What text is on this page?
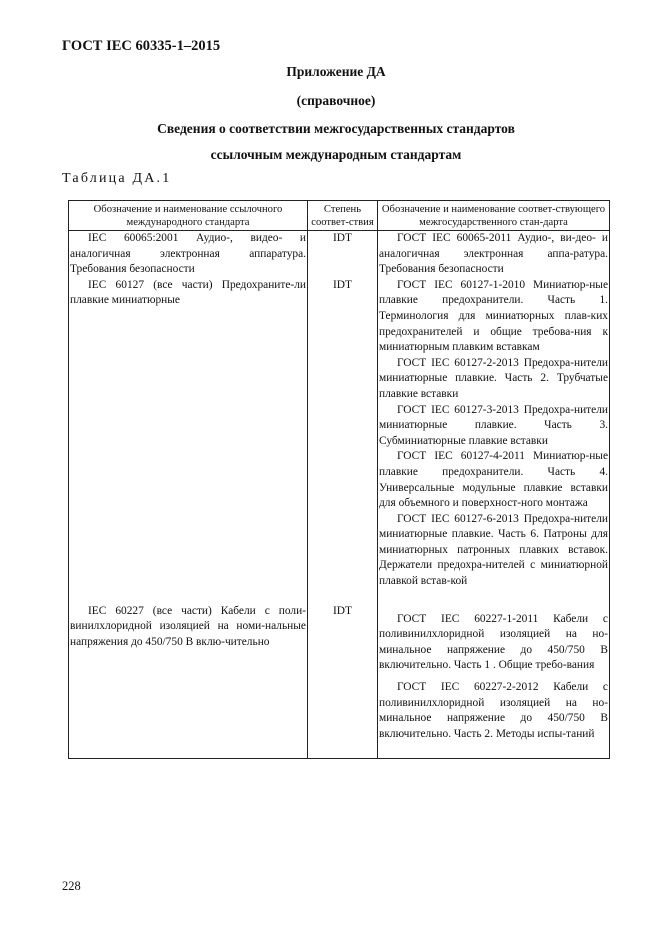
ГОСТ IEC 60335-1–2015
Приложение ДА
(справочное)
Сведения о соответствии межгосударственных стандартов
ссылочным международным стандартам
Таблица ДА.1
Обозначение и наименование ссылочного международного стандарта	Степень соответ-ствия	Обозначение и наименование соответ-ствующего межгосударственного стан-дарта

IEC 60065:2001 Аудио-, видео- и аналогичная электронная аппаратура. Требования безопасности	IDT	ГОСТ IEC 60065-2011 Аудио-, ви-део- и аналогичная электронная аппа-ратура. Требования безопасности

IEC 60127 (все части) Предохраните-ли плавкие миниатюрные	IDT	ГОСТ IEC 60127-1-2010 Миниатюр-ные плавкие предохранители. Часть 1. Терминология для миниатюрных плав-ких предохранителей и общие требова-ния к миниатюрным плавким вставкам
ГОСТ IEC 60127-2-2013 Предохра-нители миниатюрные плавкие. Часть 2. Трубчатые плавкие вставки
ГОСТ IEC 60127-3-2013 Предохра-нители миниатюрные плавкие. Часть 3. Субминиатюрные плавкие вставки
ГОСТ IEC 60127-4-2011 Миниатюр-ные плавкие предохранители. Часть 4. Универсальные модульные плавкие вставки для объемного и поверхност-ного монтажа
ГОСТ IEC 60127-6-2013 Предохра-нители миниатюрные плавкие. Часть 6. Патроны для миниатюрных патронных плавких вставок. Держатели предохра-нителей с миниатюрной плавкой встав-кой

IEC 60227 (все части) Кабели с поли-винилхлоридной изоляцией на номи-нальные напряжения до 450/750 В вклю-чительно	IDT	ГОСТ IEC 60227-1-2011 Кабели с поливинилхлоридной изоляцией на но-минальное напряжение до 450/750 В включительно. Часть 1 . Общие требо-вания
ГОСТ IEC 60227-2-2012 Кабели с поливинилхлоридной изоляцией на но-минальное напряжение до 450/750 В включительно. Часть 2. Методы испы-таний
228
